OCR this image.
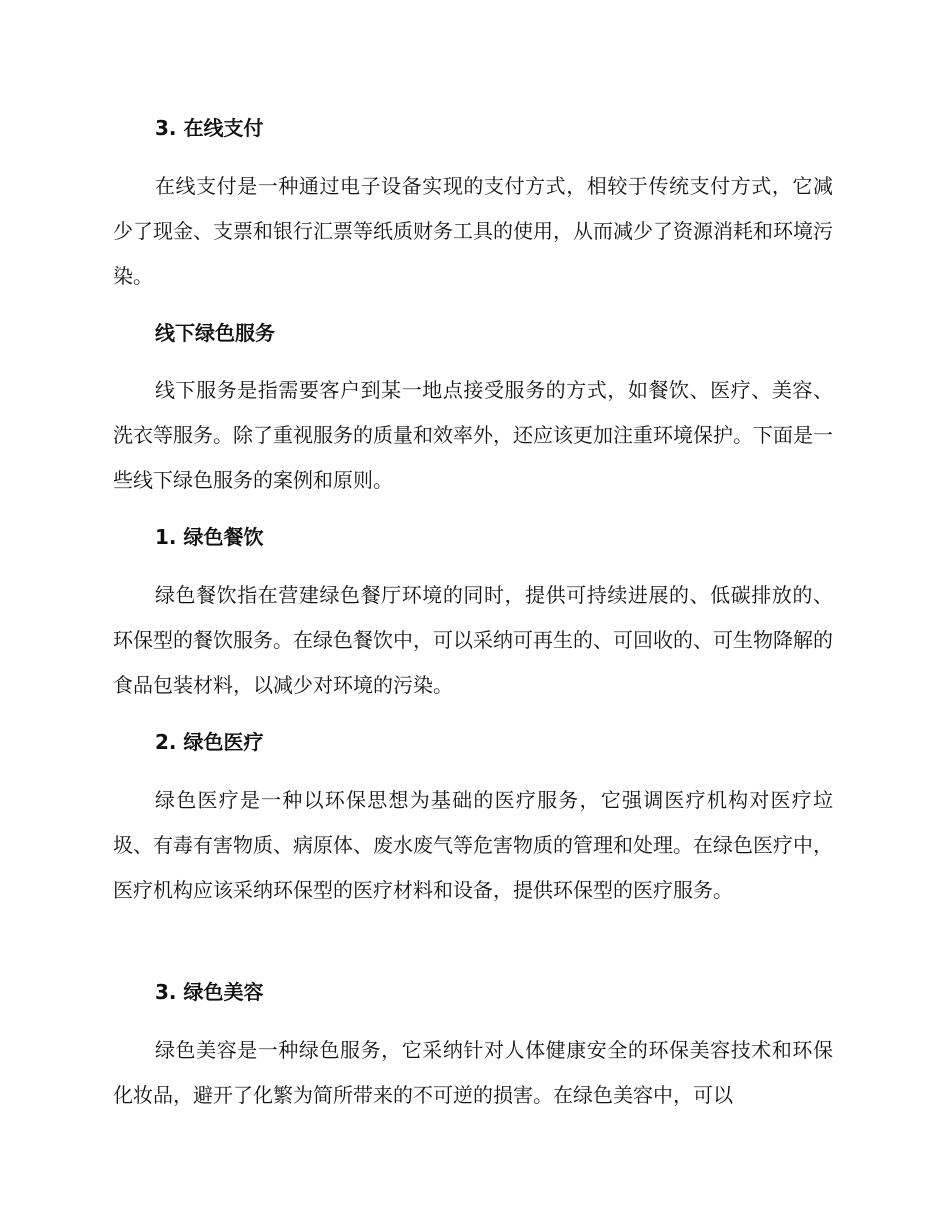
3. 在线支付
在线支付是一种通过电子设备实现的支付方式，相较于传统支付方式，它减少了现金、支票和银行汇票等纸质财务工具的使用，从而减少了资源消耗和环境污染。
线下绿色服务
线下服务是指需要客户到某一地点接受服务的方式，如餐饮、医疗、美容、洗衣等服务。除了重视服务的质量和效率外，还应该更加注重环境保护。下面是一些线下绿色服务的案例和原则。
1. 绿色餐饮
绿色餐饮指在营建绿色餐厅环境的同时，提供可持续进展的、低碳排放的、环保型的餐饮服务。在绿色餐饮中，可以采纳可再生的、可回收的、可生物降解的食品包装材料，以减少对环境的污染。
2. 绿色医疗
绿色医疗是一种以环保思想为基础的医疗服务，它强调医疗机构对医疗垃圾、有毒有害物质、病原体、废水废气等危害物质的管理和处理。在绿色医疗中，医疗机构应该采纳环保型的医疗材料和设备，提供环保型的医疗服务。
3. 绿色美容
绿色美容是一种绿色服务，它采纳针对人体健康安全的环保美容技术和环保化妆品，避开了化繁为简所带来的不可逆的损害。在绿色美容中，可以
